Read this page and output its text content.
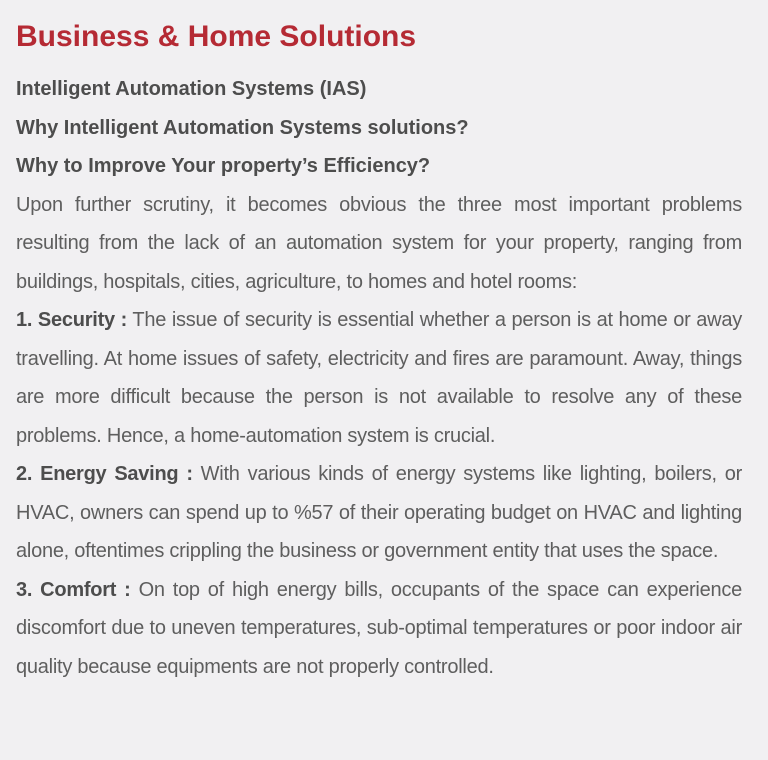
Business & Home Solutions

Intelligent Automation Systems (IAS)

Why Intelligent Automation Systems solutions?

Why to Improve Your property’s Efficiency?

Upon further scrutiny, it becomes obvious the three most important problems resulting from the lack of an automation system for your property, ranging from buildings, hospitals, cities, agriculture, to homes and hotel rooms:

1. Security : The issue of security is essential whether a person is at home or away travelling. At home issues of safety, electricity and fires are paramount. Away, things are more difficult because the person is not available to resolve any of these problems. Hence, a home-automation system is crucial.

2. Energy Saving : With various kinds of energy systems like lighting, boilers, or HVAC, owners can spend up to %57 of their operating budget on HVAC and lighting alone, oftentimes crippling the business or government entity that uses the space.

3. Comfort : On top of high energy bills, occupants of the space can experience discomfort due to uneven temperatures, sub-optimal temperatures or poor indoor air quality because equipments are not properly controlled.
